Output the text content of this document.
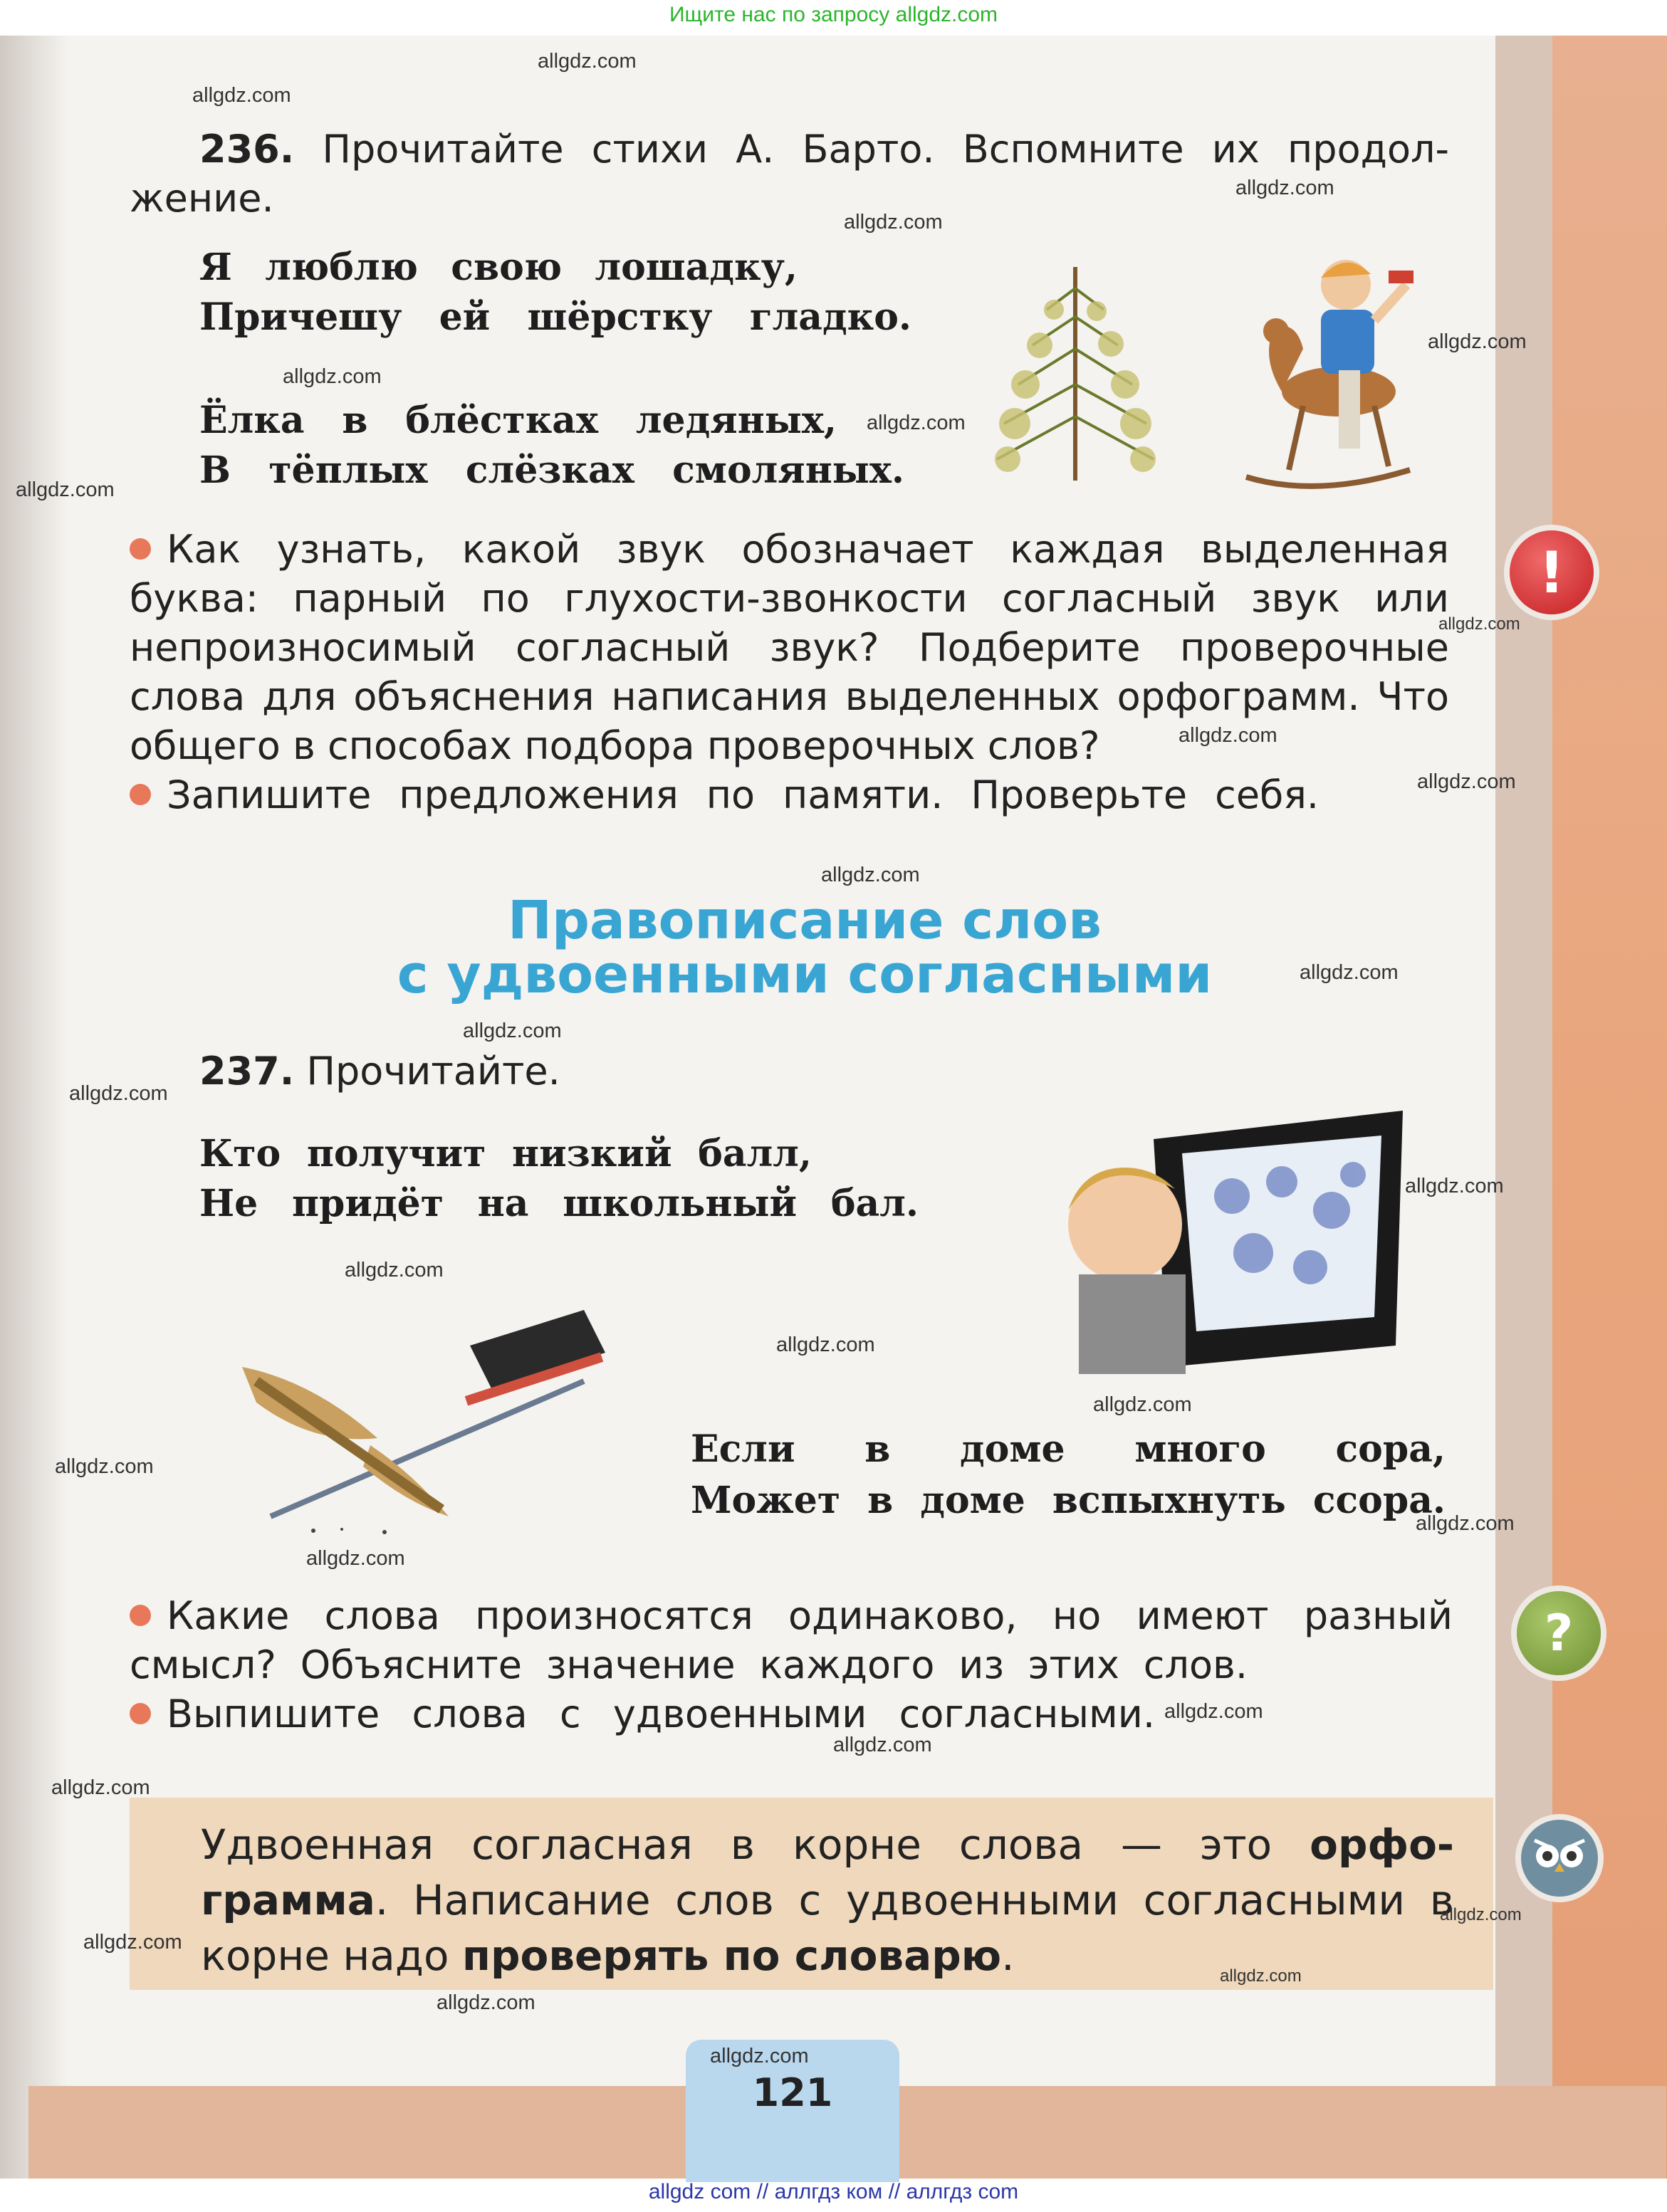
Ищите нас по запросу allgdz.com
236. Прочитайте стихи А. Барто. Вспомните их продол-
жение.
Я люблю свою лошадку,
Причешу ей шёрстку гладко.
Ёлка в блёстках ледяных,
В тёплых слёзках смоляных.
Как узнать, какой звук обозначает каждая выделенная
буква: парный по глухости-звонкости согласный звук или
непроизносимый согласный звук? Подберите проверочные
слова для объяснения написания выделенных орфограмм. Что
общего в способах подбора проверочных слов?
Запишите предложения по памяти. Проверьте себя.
Правописание слов
с удвоенными согласными
237. Прочитайте.
Кто получит низкий балл,
Не придёт на школьный бал.
Если в доме много сора,
Может в доме вспыхнуть ссора.
Какие слова произносятся одинаково, но имеют разный
смысл? Объясните значение каждого из этих слов.
Выпишите слова с удвоенными согласными.
Удвоенная согласная в корне слова — это орфо-грамма. Написание слов с удвоенными согласными в корне надо проверять по словарю.
!
?
121
allgdz.com
allgdz.com
allgdz.com
allgdz.com
allgdz.com
allgdz.com
allgdz.com
allgdz.com
allgdz.com
allgdz.com
allgdz.com
allgdz.com
allgdz.com
allgdz.com
allgdz.com
allgdz.com
allgdz.com
allgdz.com
allgdz.com
allgdz.com
allgdz.com
allgdz.com
allgdz.com
allgdz.com
allgdz.com
allgdz.com
allgdz.com
allgdz.com
allgdz.com
allgdz.com
allgdz com // аллгдз ком // аллгдз com
